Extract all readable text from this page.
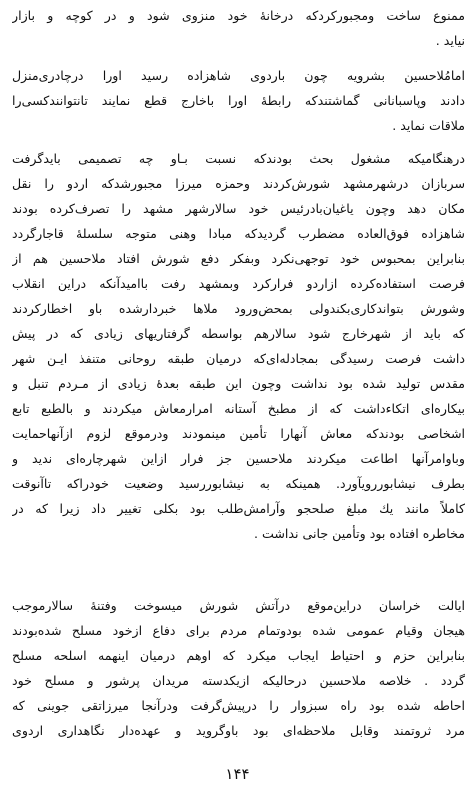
ممنوع ساخت ومجبورکردکه درخانهٔ خود منزوی شود و در کوچه و بازار
نیاید .
امامُلاحسین بشرویه چون باردوی شاهزاده رسید اورا درچادری‌منزل
دادند وپاسبانانی گماشتندکه رابطهٔ اورا باخارج قطع نمایند تانتوانندکسی‌را
ملاقات نماید .
درهنگامیکه مشغول بحث بودندکه نسبت بـاو چه تصمیمی بایدگرفت
سربازان درشهرمشهد شورش‌کردند وحمزه میرزا مجبورشدکه اردو را نقل
مکان دهد وچون یاغیان‌بادرئیس خود سالارشهر مشهد را تصرف‌کرده بودند
شاهزاده فوق‌العاده مضطرب گردیدکه مبادا وهنی متوجه سلسلهٔ قاجارگردد
بنابراین بمحبوس خود توجهی‌نکرد وبفکر دفع شورش افتاد ملاحسین هم از
فرصت استفاده‌کرده ازاردو فرارکرد وبمشهد رفت باامیدآنکه دراین انقلاب
وشورش بتواندکاری‌بکندولی بمحض‌ورود ملاها خبردارشده باو اخطارکردند
که باید از شهرخارج شود سالارهم بواسطه گرفتاریهای زیادی که در پیش
داشت فرصت رسیدگی بمجادله‌ای‌که درمیان طبقه روحانی متنفذ ایـن شهر
مقدس تولید شده بود نداشت وچون این طبقه بعدهٔ زیادی از مـردم تنبل و
بیکاره‌ای اتکاءداشت که از مطبخ آستانه امرارمعاش میکردند و بالطبع تابع
اشخاصی بودندکه معاش آنهارا تأمین مینمودند ودرموقع لزوم ازآنهاحمایت
وباوامرآنها اطاعت میکردند ملاحسین جز فرار ازاین شهرچاره‌ای ندید و
بطرف نیشابوررویآورد. همینکه به نیشابوررسید وضعیت خودراکه تاآنوقت
کاملاً مانند یك مبلغ صلحجو وآرامش‌طلب بود بکلی تغییر داد زیرا که در
مخاطره افتاده بود وتأمین جانی نداشت .
ایالت خراسان دراین‌موقع درآتش شورش میسوخت وفتنهٔ سالارموجب
هیجان وقیام عمومی شده بودوتمام مردم برای دفاع ازخود مسلح شده‌بودند
بنابراین حزم و احتیاط ایجاب میکرد که اوهم درمیان اینهمه اسلحه مسلح
گردد . خلاصه ملاحسین درحالیکه ازیکدسته مریدان پرشور و مسلح خود
احاطه شده بود راه سبزوار را درپیش‌گرفت ودرآنجا میرزاتقی جوینی که
مرد ثروتمند وقابل ملاحظه‌ای بود باوگروید و عهده‌دار نگاهداری اردوی
۱۴۴
